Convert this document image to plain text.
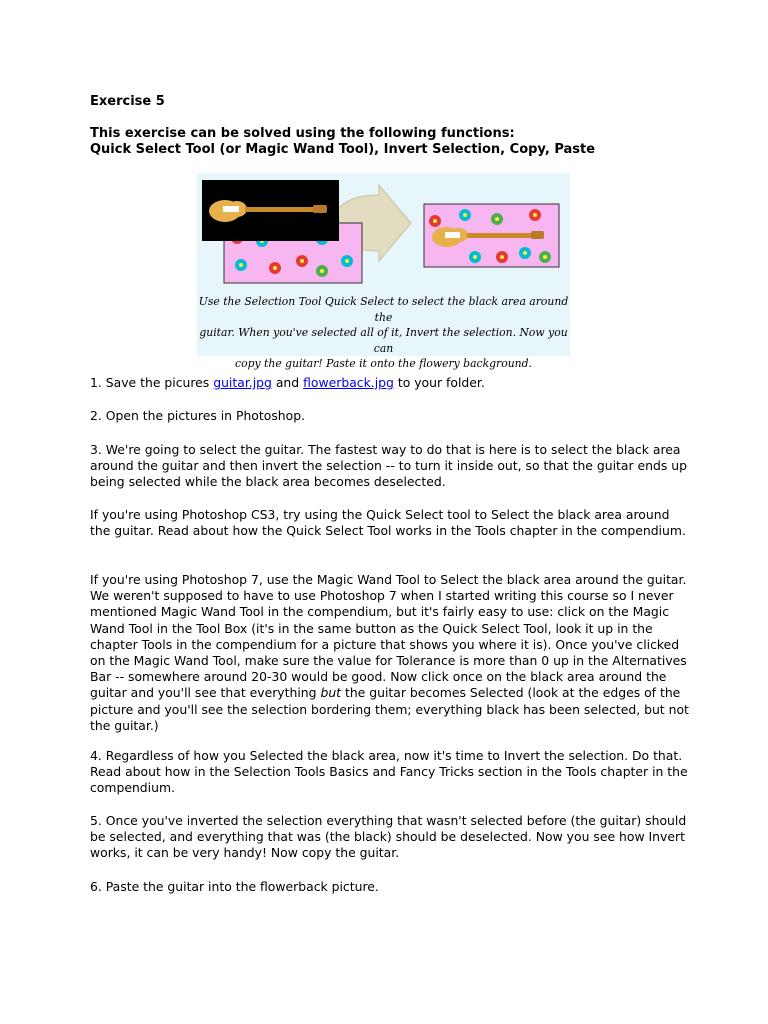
Exercise 5
This exercise can be solved using the following functions:
Quick Select Tool (or Magic Wand Tool), Invert Selection, Copy, Paste
Use the Selection Tool Quick Select to select the black area around the
guitar. When you've selected all of it, Invert the selection. Now you can
copy the guitar! Paste it onto the flowery background.
1. Save the picures guitar.jpg and flowerback.jpg to your folder.
2. Open the pictures in Photoshop.
3. We're going to select the guitar. The fastest way to do that is here is to select the black area around the guitar and then invert the selection -- to turn it inside out, so that the guitar ends up being selected while the black area becomes deselected.
If you're using Photoshop CS3, try using the Quick Select tool to Select the black area around the guitar. Read about how the Quick Select Tool works in the Tools chapter in the compendium.
If you're using Photoshop 7, use the Magic Wand Tool to Select the black area around the guitar. We weren't supposed to have to use Photoshop 7 when I started writing this course so I never mentioned Magic Wand Tool in the compendium, but it's fairly easy to use: click on the Magic Wand Tool in the Tool Box (it's in the same button as the Quick Select Tool, look it up in the chapter Tools in the compendium for a picture that shows you where it is). Once you've clicked on the Magic Wand Tool, make sure the value for Tolerance is more than 0 up in the Alternatives Bar -- somewhere around 20-30 would be good. Now click once on the black area around the guitar and you'll see that everything but the guitar becomes Selected (look at the edges of the picture and you'll see the selection bordering them; everything black has been selected, but not the guitar.)
4. Regardless of how you Selected the black area, now it's time to Invert the selection. Do that. Read about how in the Selection Tools Basics and Fancy Tricks section in the Tools chapter in the compendium.
5. Once you've inverted the selection everything that wasn't selected before (the guitar) should be selected, and everything that was (the black) should be deselected. Now you see how Invert works, it can be very handy! Now copy the guitar.
6. Paste the guitar into the flowerback picture.
